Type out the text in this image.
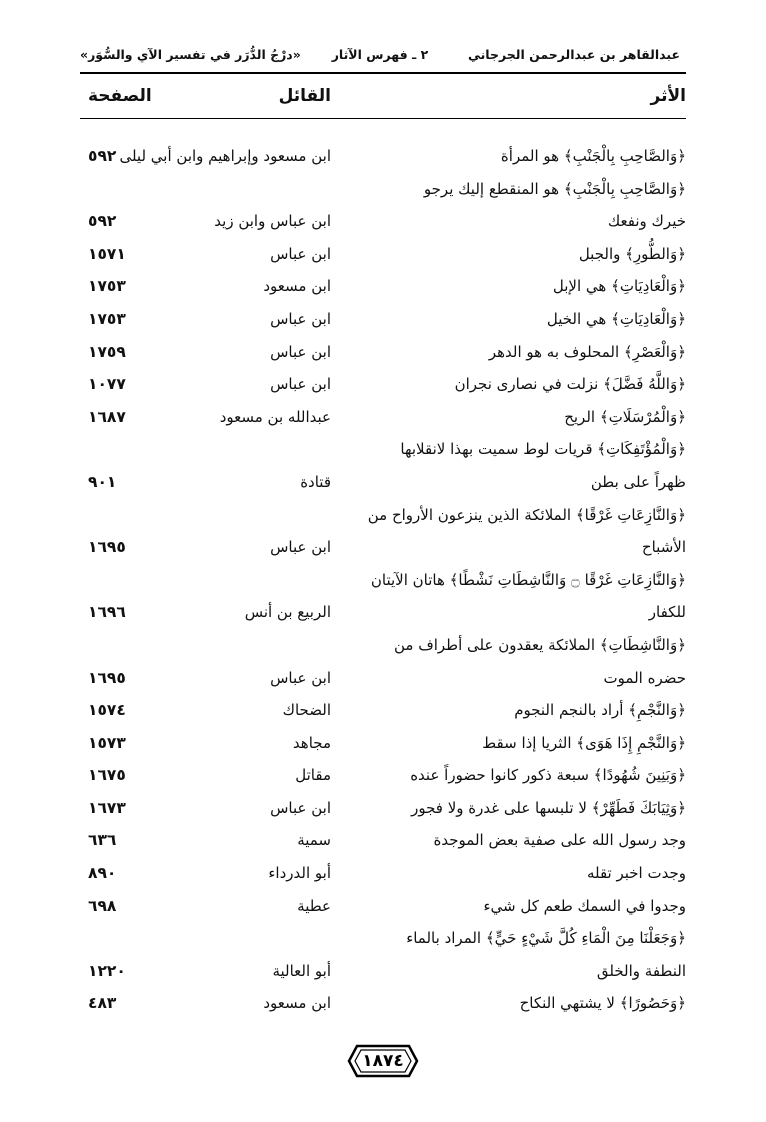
عبدالقاهر بن عبدالرحمن الجرجاني
٢ ـ فهرس الآثار
«درْجُ الدُّرَر في تفسير الآي والسُّوَر»
الأثر
القائل
الصفحة
﴿وَالصَّاحِبِ بِالْجَنْبِ﴾ هو المرأة
ابن مسعود وإبراهيم وابن أبي ليلى
٥٩٢
﴿وَالصَّاحِبِ بِالْجَنْبِ﴾ هو المنقطع إليك يرجو
خيرك ونفعك
ابن عباس وابن زيد
٥٩٢
﴿وَالطُّورِ﴾ والجبل
ابن عباس
١٥٧١
﴿وَالْعَادِيَاتِ﴾ هي الإبل
ابن مسعود
١٧٥٣
﴿وَالْعَادِيَاتِ﴾ هي الخيل
ابن عباس
١٧٥٣
﴿وَالْعَصْرِ﴾ المحلوف به هو الدهر
ابن عباس
١٧٥٩
﴿وَاللَّهُ فَضَّلَ﴾ نزلت في نصارى نجران
ابن عباس
١٠٧٧
﴿وَالْمُرْسَلَاتِ﴾ الريح
عبدالله بن مسعود
١٦٨٧
﴿وَالْمُؤْتَفِكَاتِ﴾ قريات لوط سميت بهذا لانقلابها
ظهراً على بطن
قتادة
٩٠١
﴿وَالنَّازِعَاتِ غَرْقًا﴾ الملائكة الذين ينزعون الأرواح من
الأشباح
ابن عباس
١٦٩٥
﴿وَالنَّازِعَاتِ غَرْقًا ۝ وَالنَّاشِطَاتِ نَشْطًا﴾ هاتان الآيتان
للكفار
الربيع بن أنس
١٦٩٦
﴿وَالنَّاشِطَاتِ﴾ الملائكة يعقدون على أطراف من
حضره الموت
ابن عباس
١٦٩٥
﴿وَالنَّجْمِ﴾ أراد بالنجم النجوم
الضحاك
١٥٧٤
﴿وَالنَّجْمِ إِذَا هَوَى﴾ الثريا إذا سقط
مجاهد
١٥٧٣
﴿وَبَنِينَ شُهُودًا﴾ سبعة ذكور كانوا حضوراً عنده
مقاتل
١٦٧٥
﴿وَثِيَابَكَ فَطَهِّرْ﴾ لا تلبسها على غدرة ولا فجور
ابن عباس
١٦٧٣
وجد رسول الله على صفية بعض الموجدة
سمية
٦٣٦
وجدت اخبر تقله
أبو الدرداء
٨٩٠
وجدوا في السمك طعم كل شيء
عطية
٦٩٨
﴿وَجَعَلْنَا مِنَ الْمَاءِ كُلَّ شَيْءٍ حَيٍّ﴾ المراد بالماء
النطفة والخلق
أبو العالية
١٢٢٠
﴿وَحَصُورًا﴾ لا يشتهي النكاح
ابن مسعود
٤٨٣
١٨٧٤
